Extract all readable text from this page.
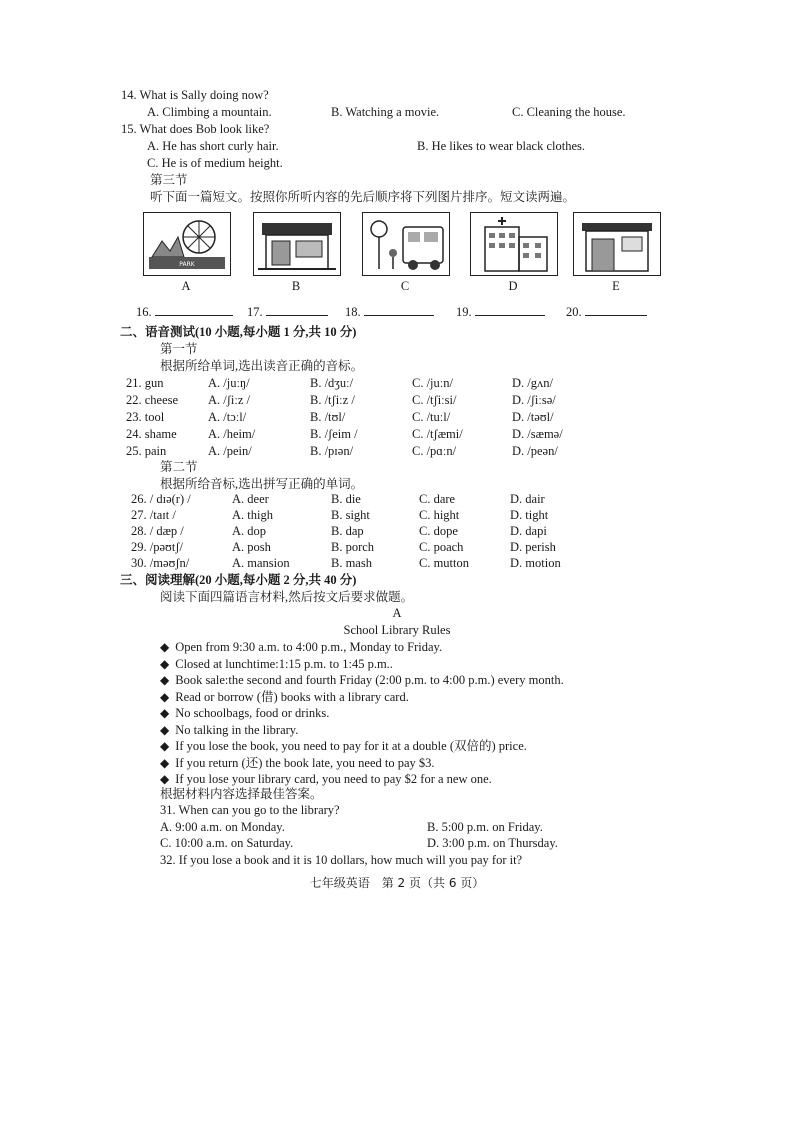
14. What is Sally doing now?
A. Climbing a mountain.	B. Watching a movie.	C. Cleaning the house.
15. What does Bob look like?
A. He has short curly hair.	B. He likes to wear black clothes.
C. He is of medium height.
第三节
听下面一篇短文。按照你所听内容的先后顺序将下列图片排序。短文读两遍。
PARK
A	B	C	D	E
16.	17.	18.	19.	20.
二、语音测试(10 小题,每小题 1 分,共 10 分)
第一节
根据所给单词,选出读音正确的音标。
21. gun	A. /juːŋ/	B. /dʒuː/	C. /juːn/	D. /gʌn/
22. cheese A. /ʃiːz /	B. /tʃiːz /	C. /tʃiːsi/	D. /ʃiːsə/
23. tool	A. /tɔːl/	B. /tʊl/	C. /tuːl/	D. /təʊl/
24. shame	A. /heim/	B. /ʃeim /	C. /tʃæmi/	D. /sæmə/
25. pain	A. /pein/	B. /pɪən/	C. /pɑːn/	D. /peən/
第二节
根据所给音标,选出拼写正确的单词。
26. / dɪə(r) /	A. deer	B. die	C. dare	D. dair
27. /taɪt /	A. thigh	B. sight	C. hight	D. tight
28. / dæp /	A. dop	B. dap	C. dope	D. dapi
29. /pəʊtʃ/	A. posh	B. porch	C. poach	D. perish
30. /məʊʃn/	A. mansion	B. mash	C. mutton	D. motion
三、阅读理解(20 小题,每小题 2 分,共 40 分)
阅读下面四篇语言材料,然后按文后要求做题。
A
School Library Rules
◆ Open from 9:30 a.m. to 4:00 p.m., Monday to Friday.
◆ Closed at lunchtime:1:15 p.m. to 1:45 p.m..
◆ Book sale:the second and fourth Friday (2:00 p.m. to 4:00 p.m.) every month.
◆ Read or borrow (借) books with a library card.
◆ No schoolbags, food or drinks.
◆ No talking in the library.
◆ If you lose the book, you need to pay for it at a double (双倍的) price.
◆ If you return (还) the book late, you need to pay $3.
◆ If you lose your library card, you need to pay $2 for a new one.
根据材料内容选择最佳答案。
31. When can you go to the library?
A. 9:00 a.m. on Monday.	B. 5:00 p.m. on Friday.
C. 10:00 a.m. on Saturday.	D. 3:00 p.m. on Thursday.
32. If you lose a book and it is 10 dollars, how much will you pay for it?
七年级英语　第 2 页（共 6 页）
